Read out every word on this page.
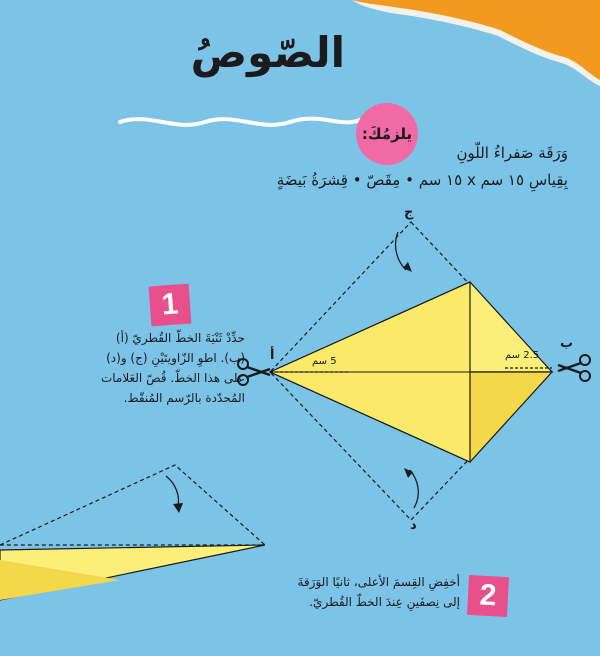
الصّوصُ
يلزمُكَ:
وَرَقَة صَفراءُ اللّونِ
بِقِياسِ ١٥ سم x ١٥ سم • مِقَصّ • قِشرَةُ بَيضَةٍ
1
حدِّدْ ثَنْيَةَ الخطّ القُطريّ (أ)
(ب). اطوِ الزّاويتَيْنِ (ج) و(د)
على هذا الخطّ. قُصّ العَلامات
المُحدّدة بالرّسم المُنقّط.
ج
ب
أ
د
5 سم
2.5 سم
2
أخفِضِ القِسمَ الأعلى، ثانيًا الوَرَقةَ
إلى نِصفَينِ عِندَ الخطّ القُطريّ.
